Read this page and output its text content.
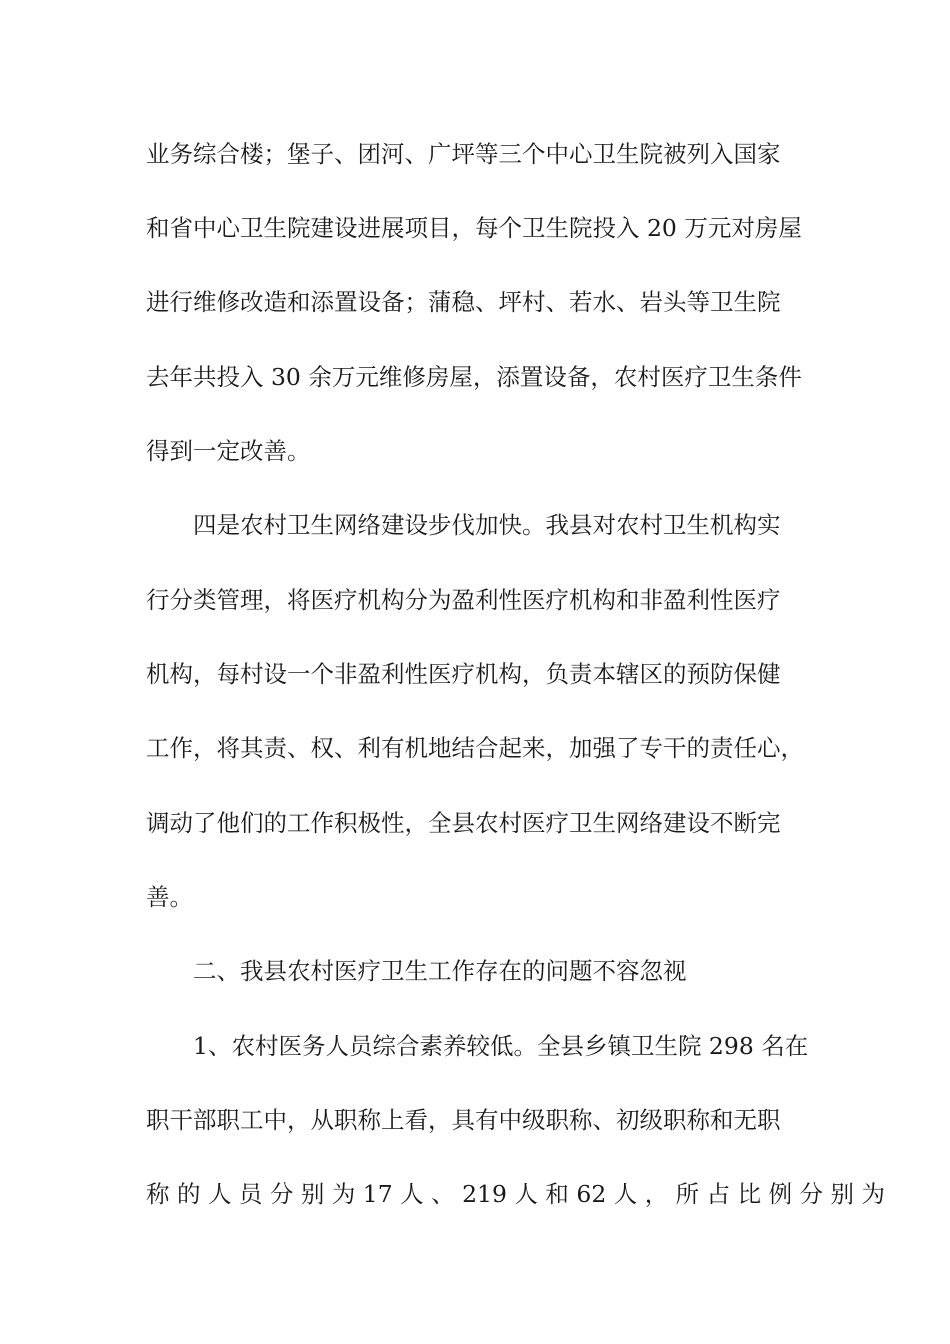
业务综合楼；堡子、团河、广坪等三个中心卫生院被列入国家
和省中心卫生院建设进展项目，每个卫生院投入 20 万元对房屋
进行维修改造和添置设备；蒲稳、坪村、若水、岩头等卫生院
去年共投入 30 余万元维修房屋，添置设备，农村医疗卫生条件
得到一定改善。
四是农村卫生网络建设步伐加快。我县对农村卫生机构实
行分类管理，将医疗机构分为盈利性医疗机构和非盈利性医疗
机构，每村设一个非盈利性医疗机构，负责本辖区的预防保健
工作，将其责、权、利有机地结合起来，加强了专干的责任心，
调动了他们的工作积极性，全县农村医疗卫生网络建设不断完
善。
二、我县农村医疗卫生工作存在的问题不容忽视
1、农村医务人员综合素养较低。全县乡镇卫生院 298 名在
职干部职工中，从职称上看，具有中级职称、初级职称和无职
称 的 人 员 分 别 为 17 人 、 219 人 和 62 人 ， 所 占 比 例 分 别 为
